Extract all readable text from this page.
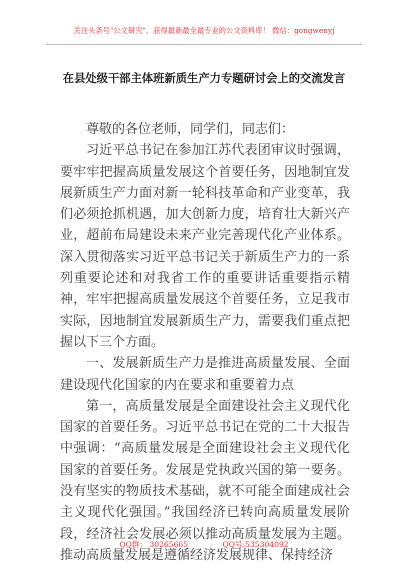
关注头条号"公文研究"，获得最新最全最专业的公文资料库！ 微信：gongwenyj
在县处级干部主体班新质生产力专题研讨会上的交流发言

尊敬的各位老师，同学们，同志们：

习近平总书记在参加江苏代表团审议时强调，要牢牢把握高质量发展这个首要任务，因地制宜发展新质生产力面对新一轮科技革命和产业变革，我们必须抢抓机遇，加大创新力度，培育壮大新兴产业，超前布局建设未来产业完善现代化产业体系。深入贯彻落实习近平总书记关于新质生产力的一系列重要论述和对我省工作的重要讲话重要指示精神，牢牢把握高质量发展这个首要任务，立足我市实际，因地制宜发展新质生产力，需要我们重点把握以下三个方面。

一、发展新质生产力是推进高质量发展、全面建设现代化国家的内在要求和重要着力点

第一，高质量发展是全面建设社会主义现代化国家的首要任务。习近平总书记在党的二十大报告中强调：“高质量发展是全面建设社会主义现代化国家的首要任务。发展是党执政兴国的第一要务。没有坚实的物质技术基础，就不可能全面建成社会主义现代化强国。”我国经济已转向高质量发展阶段，经济社会发展必须以推动高质量发展为主题。推动高质量发展是遵循经济发展规律、保持经济

QQ群： 30265665	QQ号:535304092
